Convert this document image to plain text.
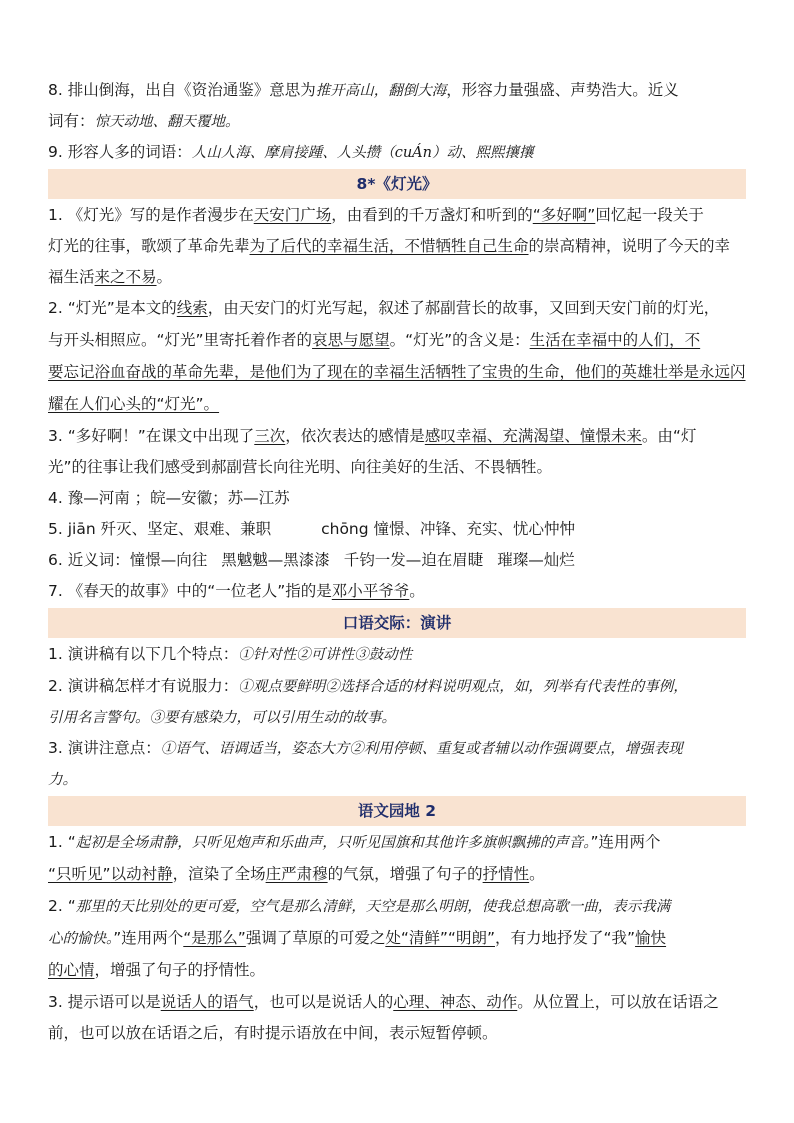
8. 排山倒海，出自《资治通鉴》意思为推开高山，翻倒大海，形容力量强盛、声势浩大。近义
词有：惊天动地、翻天覆地。
9. 形容人多的词语：人山人海、摩肩接踵、人头攒（cuÁn）动、熙熙攘攘
8*《灯光》
1. 《灯光》写的是作者漫步在天安门广场，由看到的千万盏灯和听到的“多好啊”回忆起一段关于
灯光的往事，歌颂了革命先辈为了后代的幸福生活，不惜牺牲自己生命的崇高精神，说明了今天的幸
福生活来之不易。
2. “灯光”是本文的线索，由天安门的灯光写起，叙述了郝副营长的故事，又回到天安门前的灯光，
与开头相照应。“灯光”里寄托着作者的哀思与愿望。“灯光”的含义是：生活在幸福中的人们，不
要忘记浴血奋战的革命先辈，是他们为了现在的幸福生活牺牲了宝贵的生命，他们的英雄壮举是永远闪
耀在人们心头的“灯光”。
3. “多好啊！”在课文中出现了三次，依次表达的感情是感叹幸福、充满渴望、憧憬未来。由“灯
光”的往事让我们感受到郝副营长向往光明、向往美好的生活、不畏牺牲。
4. 豫—河南 ；皖—安徽；苏—江苏
5. jiān 歼灭、坚定、艰难、兼职	chōng 憧憬、冲锋、充实、忧心忡忡
6. 近义词：憧憬—向往 黑魆魆—黑漆漆 千钧一发—迫在眉睫 璀璨—灿烂
7. 《春天的故事》中的“一位老人”指的是邓小平爷爷。
口语交际：演讲
1. 演讲稿有以下几个特点：①针对性②可讲性③鼓动性
2. 演讲稿怎样才有说服力：①观点要鲜明②选择合适的材料说明观点，如，列举有代表性的事例，
引用名言警句。③要有感染力，可以引用生动的故事。
3. 演讲注意点：①语气、语调适当，姿态大方②利用停顿、重复或者辅以动作强调要点，增强表现
力。
语文园地 2
1. “起初是全场肃静，只听见炮声和乐曲声，只听见国旗和其他许多旗帜飘拂的声音。”连用两个
“只听见”以动衬静，渲染了全场庄严肃穆的气氛，增强了句子的抒情性。
2. “那里的天比别处的更可爱，空气是那么清鲜，天空是那么明朗，使我总想高歌一曲，表示我满
心的愉快。”连用两个“是那么”强调了草原的可爱之处“清鲜”“明朗”，有力地抒发了“我”愉快
的心情，增强了句子的抒情性。
3. 提示语可以是说话人的语气，也可以是说话人的心理、神态、动作。从位置上，可以放在话语之
前，也可以放在话语之后，有时提示语放在中间，表示短暂停顿。
